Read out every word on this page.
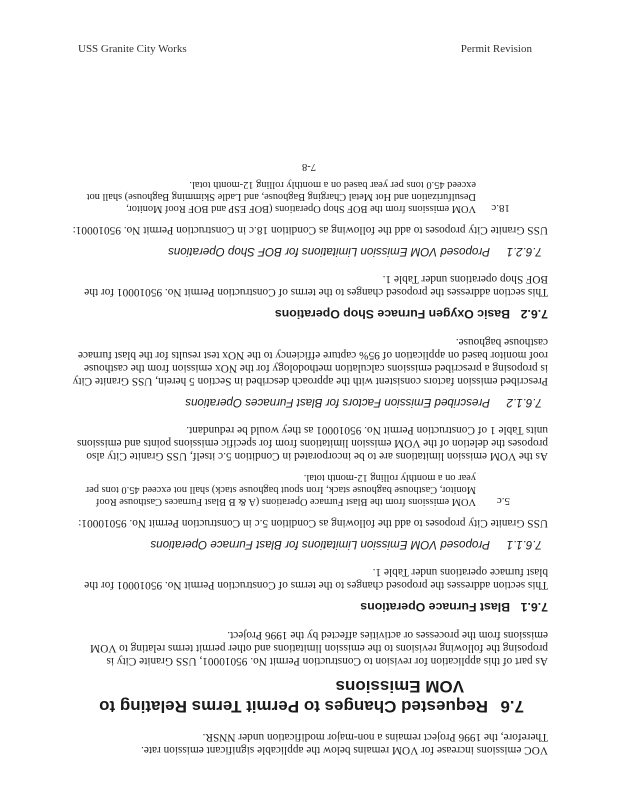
USS Granite City Works	Permit Revision

VOC emissions increase for VOM remains below the applicable significant emission rate.

Therefore, the 1996 Project remains a non-major modification under NNSR.

7.6Requested Changes to Permit Terms Relating to
VOM Emissions

As part of this application for revision to Construction Permit No. 95010001, USS Granite City is proposing the following revisions to the emission limitations and other permit terms relating to VOM emissions from the processes or activities affected by the 1996 Project.

7.6.1Blast Furnace Operations

This section addresses the proposed changes to the terms of Construction Permit No. 95010001 for the blast furnace operations under Table 1.

7.6.1.1Proposed VOM Emission Limitations for Blast Furnace Operations

USS Granite City proposes to add the following as Condition 5.c in Construction Permit No. 95010001:

5.c
VOM emissions from the Blast Furnace Operations (A & B Blast Furnaces Casthouse Roof Monitor, Casthouse baghouse stack, Iron spout baghouse stack) shall not exceed 45.0 tons per year on a monthly rolling 12-month total.

As the VOM emission limitations are to be incorporated in Condition 5.c itself, USS Granite City also proposes the deletion of the VOM emission limitations from for specific emissions points and emissions units Table 1 of Construction Permit No. 95010001 as they would be redundant.

7.6.1.2Prescribed Emission Factors for Blast Furnaces Operations

Prescribed emission factors consistent with the approach described in Section 5 herein, USS Granite City is proposing a prescribed emissions calculation methodology for the NOx emission from the casthouse roof monitor based on application of 95% capture efficiency to the NOx test results for the blast furnace casthouse baghouse.

7.6.2Basic Oxygen Furnace Shop Operations

This section addresses the proposed changes to the terms of Construction Permit No. 95010001 for the BOF Shop operations under Table 1.

7.6.2.1Proposed VOM Emission Limitations for BOF Shop Operations

USS Granite City proposes to add the following as Condition 18.c in Construction Permit No. 95010001:

18.c
VOM emissions from the BOF Shop Operations (BOF ESP and BOF Roof Monitor, Desulfurization and Hot Metal Charging Baghouse, and Ladle Skimming Baghouse) shall not exceed 45.0 tons per year based on a monthly rolling 12-month total.
7-8
